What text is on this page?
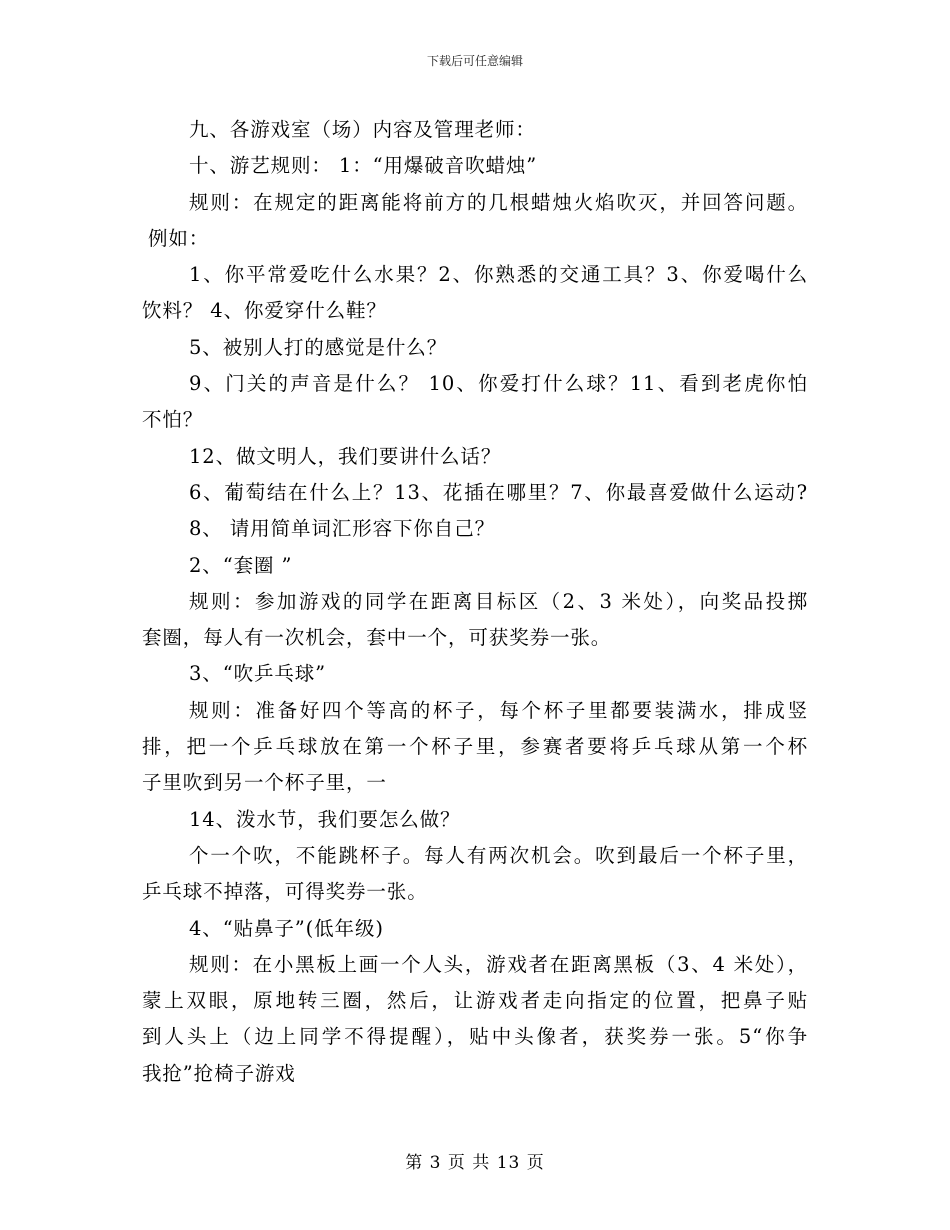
下载后可任意编辑
九、各游戏室（场）内容及管理老师：
十、游艺规则： 1：“用爆破音吹蜡烛”
规则：在规定的距离能将前方的几根蜡烛火焰吹灭，并回答问题。
例如：
1、你平常爱吃什么水果？2、你熟悉的交通工具？3、你爱喝什么
饮料？ 4、你爱穿什么鞋？
5、被别人打的感觉是什么？
9、门关的声音是什么？ 10、你爱打什么球？11、看到老虎你怕
不怕？
12、做文明人，我们要讲什么话？
6、葡萄结在什么上？13、花插在哪里？7、你最喜爱做什么运动?
8、 请用简单词汇形容下你自己？
2、“套圈 ”
规则：参加游戏的同学在距离目标区（2、3 米处），向奖品投掷
套圈，每人有一次机会，套中一个，可获奖券一张。
3、“吹乒乓球”
规则：准备好四个等高的杯子，每个杯子里都要装满水，排成竖
排，把一个乒乓球放在第一个杯子里，参赛者要将乒乓球从第一个杯
子里吹到另一个杯子里，一
14、泼水节，我们要怎么做？
个一个吹，不能跳杯子。每人有两次机会。吹到最后一个杯子里，
乒乓球不掉落，可得奖券一张。
4、“贴鼻子”(低年级)
规则：在小黑板上画一个人头，游戏者在距离黑板（3、4 米处），
蒙上双眼，原地转三圈，然后，让游戏者走向指定的位置，把鼻子贴
到人头上（边上同学不得提醒），贴中头像者，获奖券一张。5“你争
我抢”抢椅子游戏
第 3 页 共 13 页
